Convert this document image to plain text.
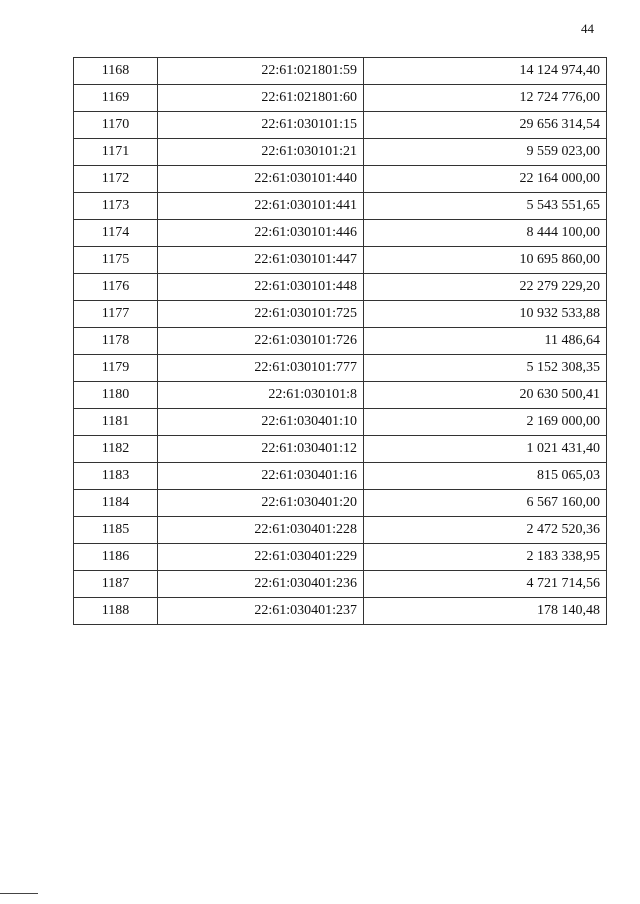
44
1168	22:61:021801:59	14 124 974,40
1169	22:61:021801:60	12 724 776,00
1170	22:61:030101:15	29 656 314,54
1171	22:61:030101:21	9 559 023,00
1172	22:61:030101:440	22 164 000,00
1173	22:61:030101:441	5 543 551,65
1174	22:61:030101:446	8 444 100,00
1175	22:61:030101:447	10 695 860,00
1176	22:61:030101:448	22 279 229,20
1177	22:61:030101:725	10 932 533,88
1178	22:61:030101:726	11 486,64
1179	22:61:030101:777	5 152 308,35
1180	22:61:030101:8	20 630 500,41
1181	22:61:030401:10	2 169 000,00
1182	22:61:030401:12	1 021 431,40
1183	22:61:030401:16	815 065,03
1184	22:61:030401:20	6 567 160,00
1185	22:61:030401:228	2 472 520,36
1186	22:61:030401:229	2 183 338,95
1187	22:61:030401:236	4 721 714,56
1188	22:61:030401:237	178 140,48
